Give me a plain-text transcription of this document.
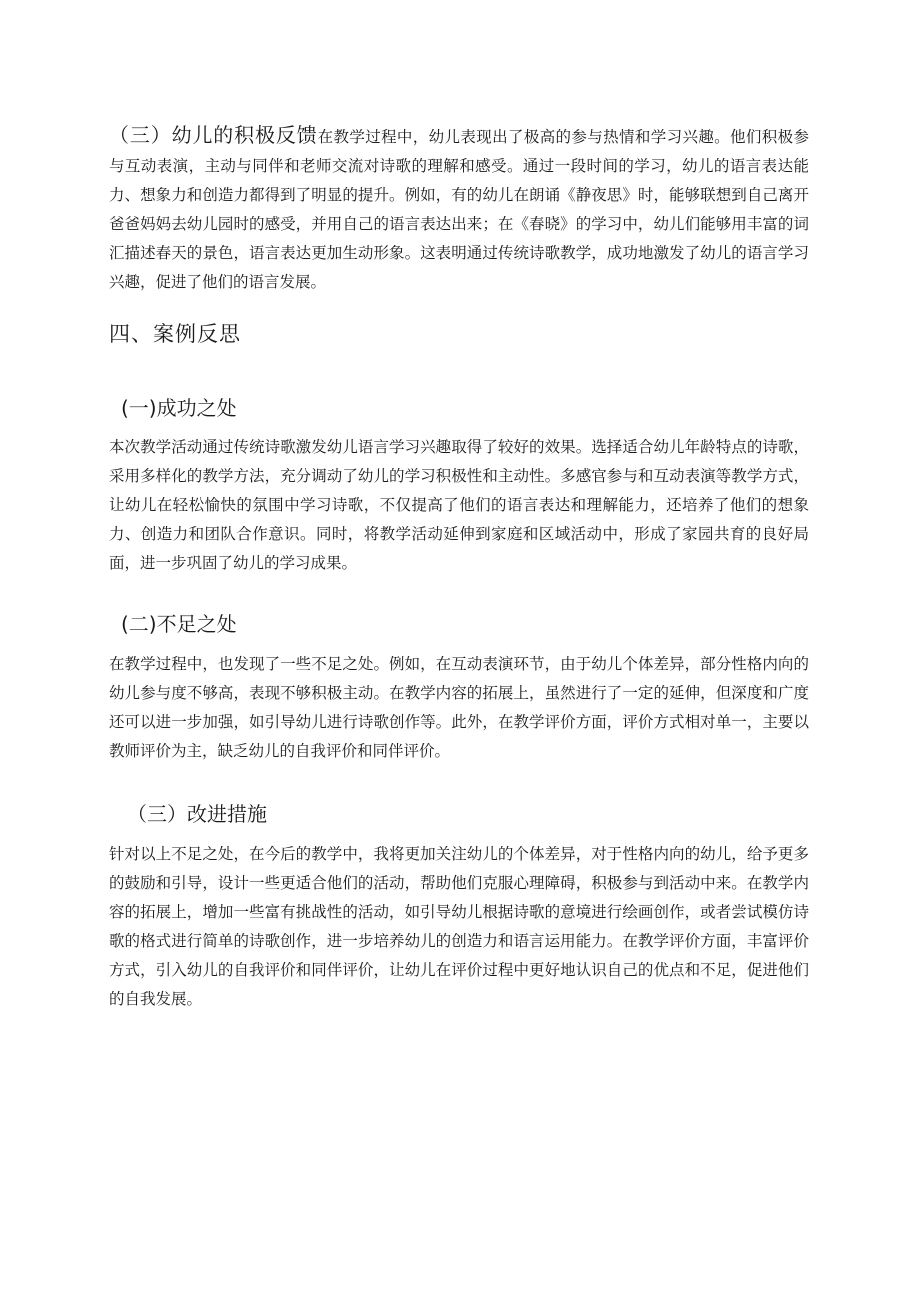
（三）幼儿的积极反馈在教学过程中，幼儿表现出了极高的参与热情和学习兴趣。他们积极参与互动表演，主动与同伴和老师交流对诗歌的理解和感受。通过一段时间的学习，幼儿的语言表达能力、想象力和创造力都得到了明显的提升。例如，有的幼儿在朗诵《静夜思》时，能够联想到自己离开爸爸妈妈去幼儿园时的感受，并用自己的语言表达出来；在《春晓》的学习中，幼儿们能够用丰富的词汇描述春天的景色，语言表达更加生动形象。这表明通过传统诗歌教学，成功地激发了幼儿的语言学习兴趣，促进了他们的语言发展。

四、案例反思
(一)成功之处

本次教学活动通过传统诗歌激发幼儿语言学习兴趣取得了较好的效果。选择适合幼儿年龄特点的诗歌，采用多样化的教学方法，充分调动了幼儿的学习积极性和主动性。多感官参与和互动表演等教学方式，让幼儿在轻松愉快的氛围中学习诗歌，不仅提高了他们的语言表达和理解能力，还培养了他们的想象力、创造力和团队合作意识。同时，将教学活动延伸到家庭和区域活动中，形成了家园共育的良好局面，进一步巩固了幼儿的学习成果。

(二)不足之处

在教学过程中，也发现了一些不足之处。例如，在互动表演环节，由于幼儿个体差异，部分性格内向的幼儿参与度不够高，表现不够积极主动。在教学内容的拓展上，虽然进行了一定的延伸，但深度和广度还可以进一步加强，如引导幼儿进行诗歌创作等。此外，在教学评价方面，评价方式相对单一，主要以教师评价为主，缺乏幼儿的自我评价和同伴评价。

（三）改进措施

针对以上不足之处，在今后的教学中，我将更加关注幼儿的个体差异，对于性格内向的幼儿，给予更多的鼓励和引导，设计一些更适合他们的活动，帮助他们克服心理障碍，积极参与到活动中来。在教学内容的拓展上，增加一些富有挑战性的活动，如引导幼儿根据诗歌的意境进行绘画创作，或者尝试模仿诗歌的格式进行简单的诗歌创作，进一步培养幼儿的创造力和语言运用能力。在教学评价方面，丰富评价方式，引入幼儿的自我评价和同伴评价，让幼儿在评价过程中更好地认识自己的优点和不足，促进他们的自我发展。
